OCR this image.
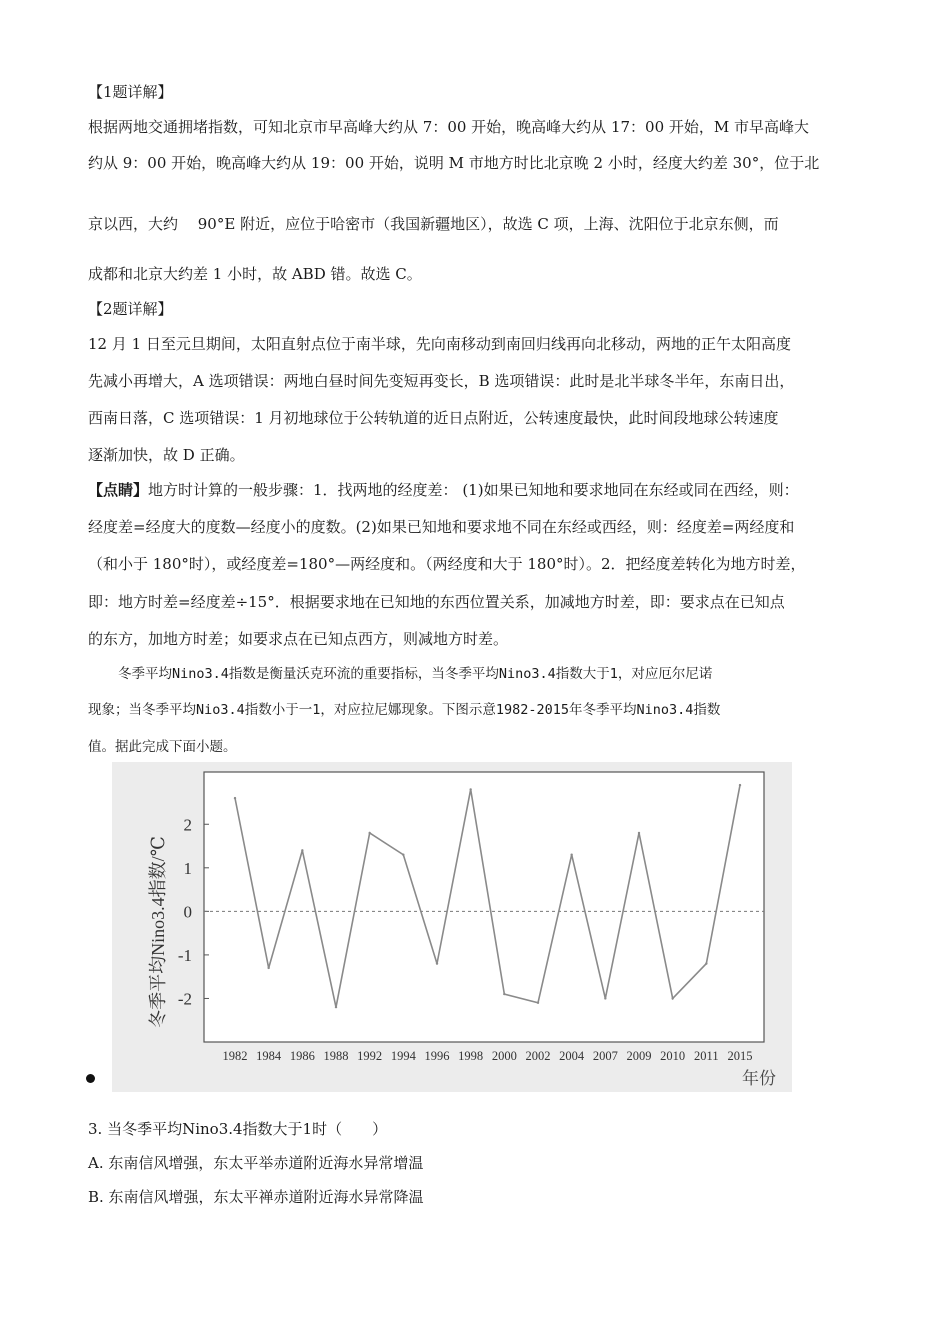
【1题详解】
根据两地交通拥堵指数，可知北京市早高峰大约从 7：00 开始，晚高峰大约从 17：00 开始，M 市早高峰大
约从 9：00 开始，晚高峰大约从 19：00 开始，说明 M 市地方时比北京晚 2 小时，经度大约差 30°，位于北
京以西，大约　 90°E 附近，应位于哈密市（我国新疆地区），故选 C 项，上海、沈阳位于北京东侧，而
成都和北京大约差 1 小时，故 ABD 错。故选 C。
【2题详解】
12 月 1 日至元旦期间，太阳直射点位于南半球，先向南移动到南回归线再向北移动，两地的正午太阳高度
先减小再增大，A 选项错误：两地白昼时间先变短再变长，B 选项错误：此时是北半球冬半年，东南日出，
西南日落，C 选项错误：1 月初地球位于公转轨道的近日点附近，公转速度最快，此时间段地球公转速度
逐渐加快，故 D 正确。
【点睛】地方时计算的一般步骤：1．找两地的经度差： (1)如果已知地和要求地同在东经或同在西经，则：
经度差=经度大的度数—经度小的度数。(2)如果已知地和要求地不同在东经或西经，则：经度差=两经度和
（和小于 180°时），或经度差=180°—两经度和。（两经度和大于 180°时）。2．把经度差转化为地方时差，
即：地方时差=经度差÷15°．根据要求地在已知地的东西位置关系，加减地方时差，即：要求点在已知点
的东方，加地方时差；如要求点在已知点西方，则减地方时差。
冬季平均Nino3.4指数是衡量沃克环流的重要指标，当冬季平均Nino3.4指数大于1，对应厄尔尼诺
现象；当冬季平均Nio3.4指数小于一1，对应拉尼娜现象。下图示意1982-2015年冬季平均Nino3.4指数
值。据此完成下面小题。
2
1
0
-1
-2
1982 1984 1986 1988 1992 1994 1996 1998 2000 2002 2004 2007 2009 2010 2011 2015
冬季平均Nino3.4指数/℃
年份
3. 当冬季平均Nino3.4指数大于1时（　　）
A. 东南信风增强，东太平举赤道附近海水异常增温
B. 东南信风增强，东太平禅赤道附近海水异常降温
